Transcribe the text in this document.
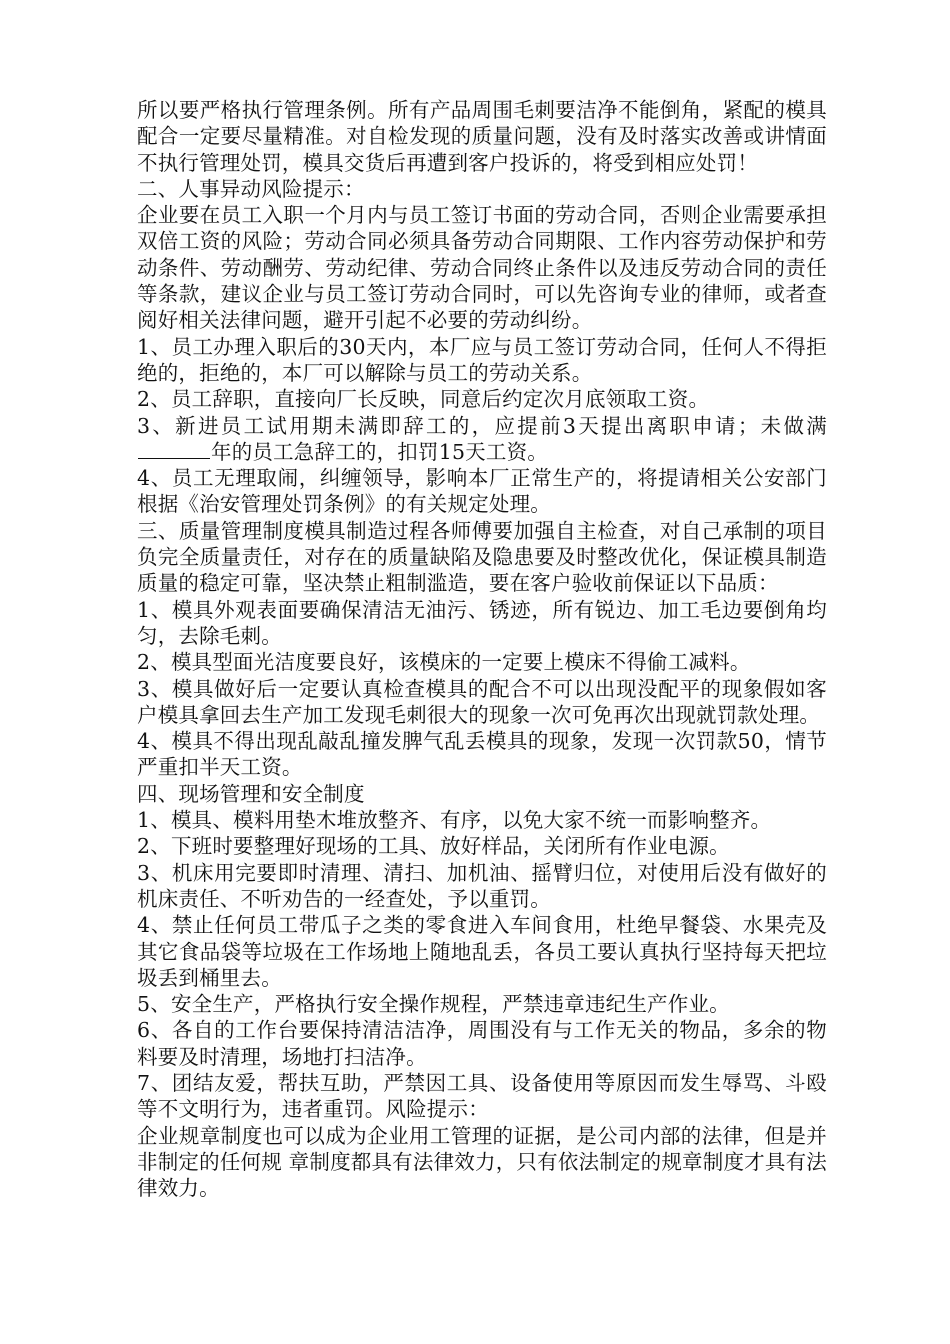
所以要严格执行管理条例。所有产品周围毛刺要洁净不能倒角，紧配的模具配合一定要尽量精准。对自检发现的质量问题，没有及时落实改善或讲情面不执行管理处罚，模具交货后再遭到客户投诉的，将受到相应处罚！

二、人事异动风险提示：

企业要在员工入职一个月内与员工签订书面的劳动合同，否则企业需要承担双倍工资的风险；劳动合同必须具备劳动合同期限、工作内容劳动保护和劳动条件、劳动酬劳、劳动纪律、劳动合同终止条件以及违反劳动合同的责任等条款，建议企业与员工签订劳动合同时，可以先咨询专业的律师，或者查阅好相关法律问题，避开引起不必要的劳动纠纷。

1、员工办理入职后的30天内，本厂应与员工签订劳动合同，任何人不得拒绝的，拒绝的，本厂可以解除与员工的劳动关系。

2、员工辞职，直接向厂长反映，同意后约定次月底领取工资。

3、新进员工试用期未满即辞工的，应提前3天提出离职申请；未做满年的员工急辞工的，扣罚15天工资。

4、员工无理取闹，纠缠领导，影响本厂正常生产的，将提请相关公安部门根据《治安管理处罚条例》的有关规定处理。

三、质量管理制度模具制造过程各师傅要加强自主检查，对自己承制的项目负完全质量责任，对存在的质量缺陷及隐患要及时整改优化，保证模具制造质量的稳定可靠，坚决禁止粗制滥造，要在客户验收前保证以下品质：

1、模具外观表面要确保清洁无油污、锈迹，所有锐边、加工毛边要倒角均匀，去除毛刺。

2、模具型面光洁度要良好，该模床的一定要上模床不得偷工减料。

3、模具做好后一定要认真检查模具的配合不可以出现没配平的现象假如客户模具拿回去生产加工发现毛刺很大的现象一次可免再次出现就罚款处理。

4、模具不得出现乱敲乱撞发脾气乱丢模具的现象，发现一次罚款50，情节严重扣半天工资。

四、现场管理和安全制度

1、模具、模料用垫木堆放整齐、有序，以免大家不统一而影响整齐。

2、下班时要整理好现场的工具、放好样品，关闭所有作业电源。

3、机床用完要即时清理、清扫、加机油、摇臂归位，对使用后没有做好的机床责任、不听劝告的一经查处，予以重罚。

4、禁止任何员工带瓜子之类的零食进入车间食用，杜绝早餐袋、水果壳及其它食品袋等垃圾在工作场地上随地乱丢，各员工要认真执行坚持每天把垃圾丢到桶里去。

5、安全生产，严格执行安全操作规程，严禁违章违纪生产作业。

6、各自的工作台要保持清洁洁净，周围没有与工作无关的物品，多余的物料要及时清理，场地打扫洁净。

7、团结友爱，帮扶互助，严禁因工具、设备使用等原因而发生辱骂、斗殴等不文明行为，违者重罚。风险提示：

企业规章制度也可以成为企业用工管理的证据，是公司内部的法律，但是并非制定的任何规 章制度都具有法律效力，只有依法制定的规章制度才具有法律效力。
